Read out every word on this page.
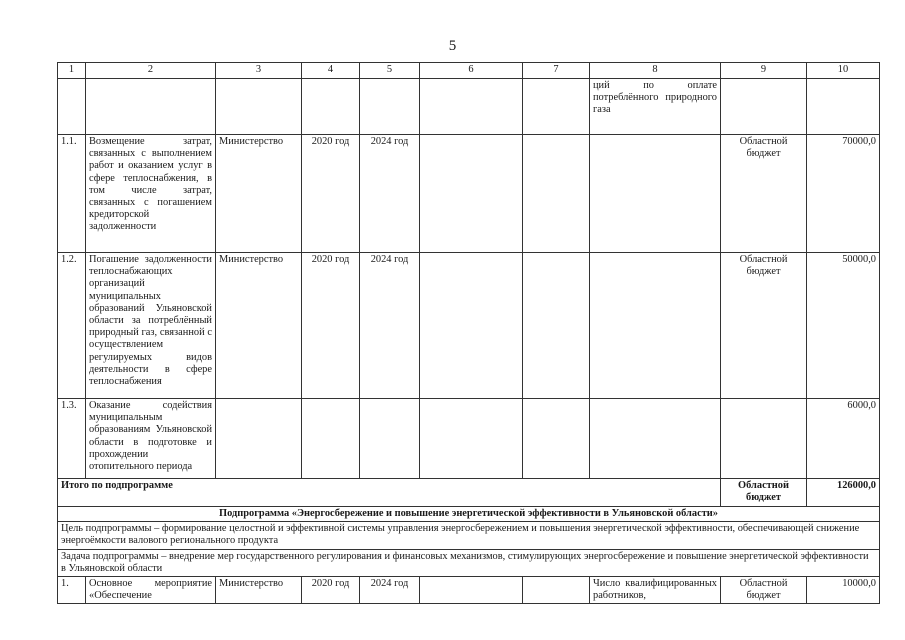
5
1	2	3	4	5	6	7	8	9	10
							ций по оплате потреблённого природного газа		
1.1.	Возмещение затрат, связанных с выполнением работ и оказанием услуг в сфере теплоснабжения, в том числе затрат, связанных с погашением кредиторской задолженности	Министерство	2020 год	2024 год				Областной бюджет	70000,0
1.2.	Погашение задолженности теплоснабжающих организаций муниципальных образований Ульяновской области за потреблённый природный газ, связанной с осуществлением регулируемых видов деятельности в сфере теплоснабжения	Министерство	2020 год	2024 год				Областной бюджет	50000,0
1.3.	Оказание содействия муниципальным образованиям Ульяновской области в подготовке и прохождении отопительного периода								6000,0
Итого по подпрограмме								Областной бюджет	126000,0
Подпрограмма «Энергосбережение и повышение энергетической эффективности в Ульяновской области»									
Цель подпрограммы – формирование целостной и эффективной системы управления энергосбережением и повышения энергетической эффективности, обеспечивающей снижение энергоёмкости валового регионального продукта									
Задача подпрограммы – внедрение мер государственного регулирования и финансовых механизмов, стимулирующих энергосбережение и повышение энергетической эффективности в Ульяновской области									
1.	Основное мероприятие «Обеспечение	Министерство	2020 год	2024 год			Число квалифицированных работников,	Областной бюджет	10000,0
